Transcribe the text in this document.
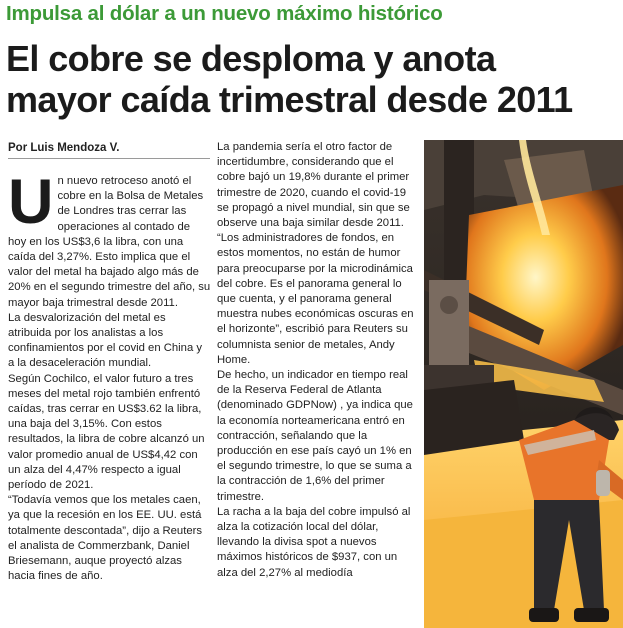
Impulsa al dólar a un nuevo máximo histórico
El cobre se desploma y anota
mayor caída trimestral desde 2011
Por Luis Mendoza V.

Un nuevo retroceso anotó el cobre en la Bolsa de Metales de Londres tras cerrar las operaciones al contado de hoy en los US$3,6 la libra, con una caída del 3,27%. Esto implica que el valor del metal ha bajado algo más de 20% en el segundo trimestre del año, su mayor baja trimestral desde 2011.

La desvalorización del metal es atribuida por los analistas a los confinamientos por el covid en China y a la desaceleración mundial.

Según Cochilco, el valor futuro a tres meses del metal rojo también enfrentó caídas, tras cerrar en US$3.62 la libra, una baja del 3,15%. Con estos resultados, la libra de cobre alcanzó un valor promedio anual de US$4,42 con un alza del 4,47% respecto a igual período de 2021.

“Todavía vemos que los metales caen, ya que la recesión en los EE. UU. está totalmente descontada”, dijo a Reuters el analista de Commerzbank, Daniel Briesemann, auque proyectó alzas hacia fines de año.

La pandemia sería el otro factor de incertidumbre, considerando que el cobre bajó un 19,8% durante el primer trimestre de 2020, cuando el covid-19 se propagó a nivel mundial, sin que se observe una baja similar desde 2011.

“Los administradores de fondos, en estos momentos, no están de humor para preocuparse por la microdinámica del cobre. Es el panorama general lo que cuenta, y el panorama general muestra nubes económicas oscuras en el horizonte”, escribió para Reuters su columnista senior de metales, Andy Home.

De hecho, un indicador en tiempo real de la Reserva Federal de Atlanta (denominado GDPNow) , ya indica que la economía norteamericana entró en contracción, señalando que la producción en ese país cayó un 1% en el segundo trimestre, lo que se suma a la contracción de 1,6% del primer trimestre.

La racha a la baja del cobre impulsó al alza la cotización local del dólar, llevando la divisa spot a nuevos máximos históricos de $937, con un alza del 2,27% al mediodía
